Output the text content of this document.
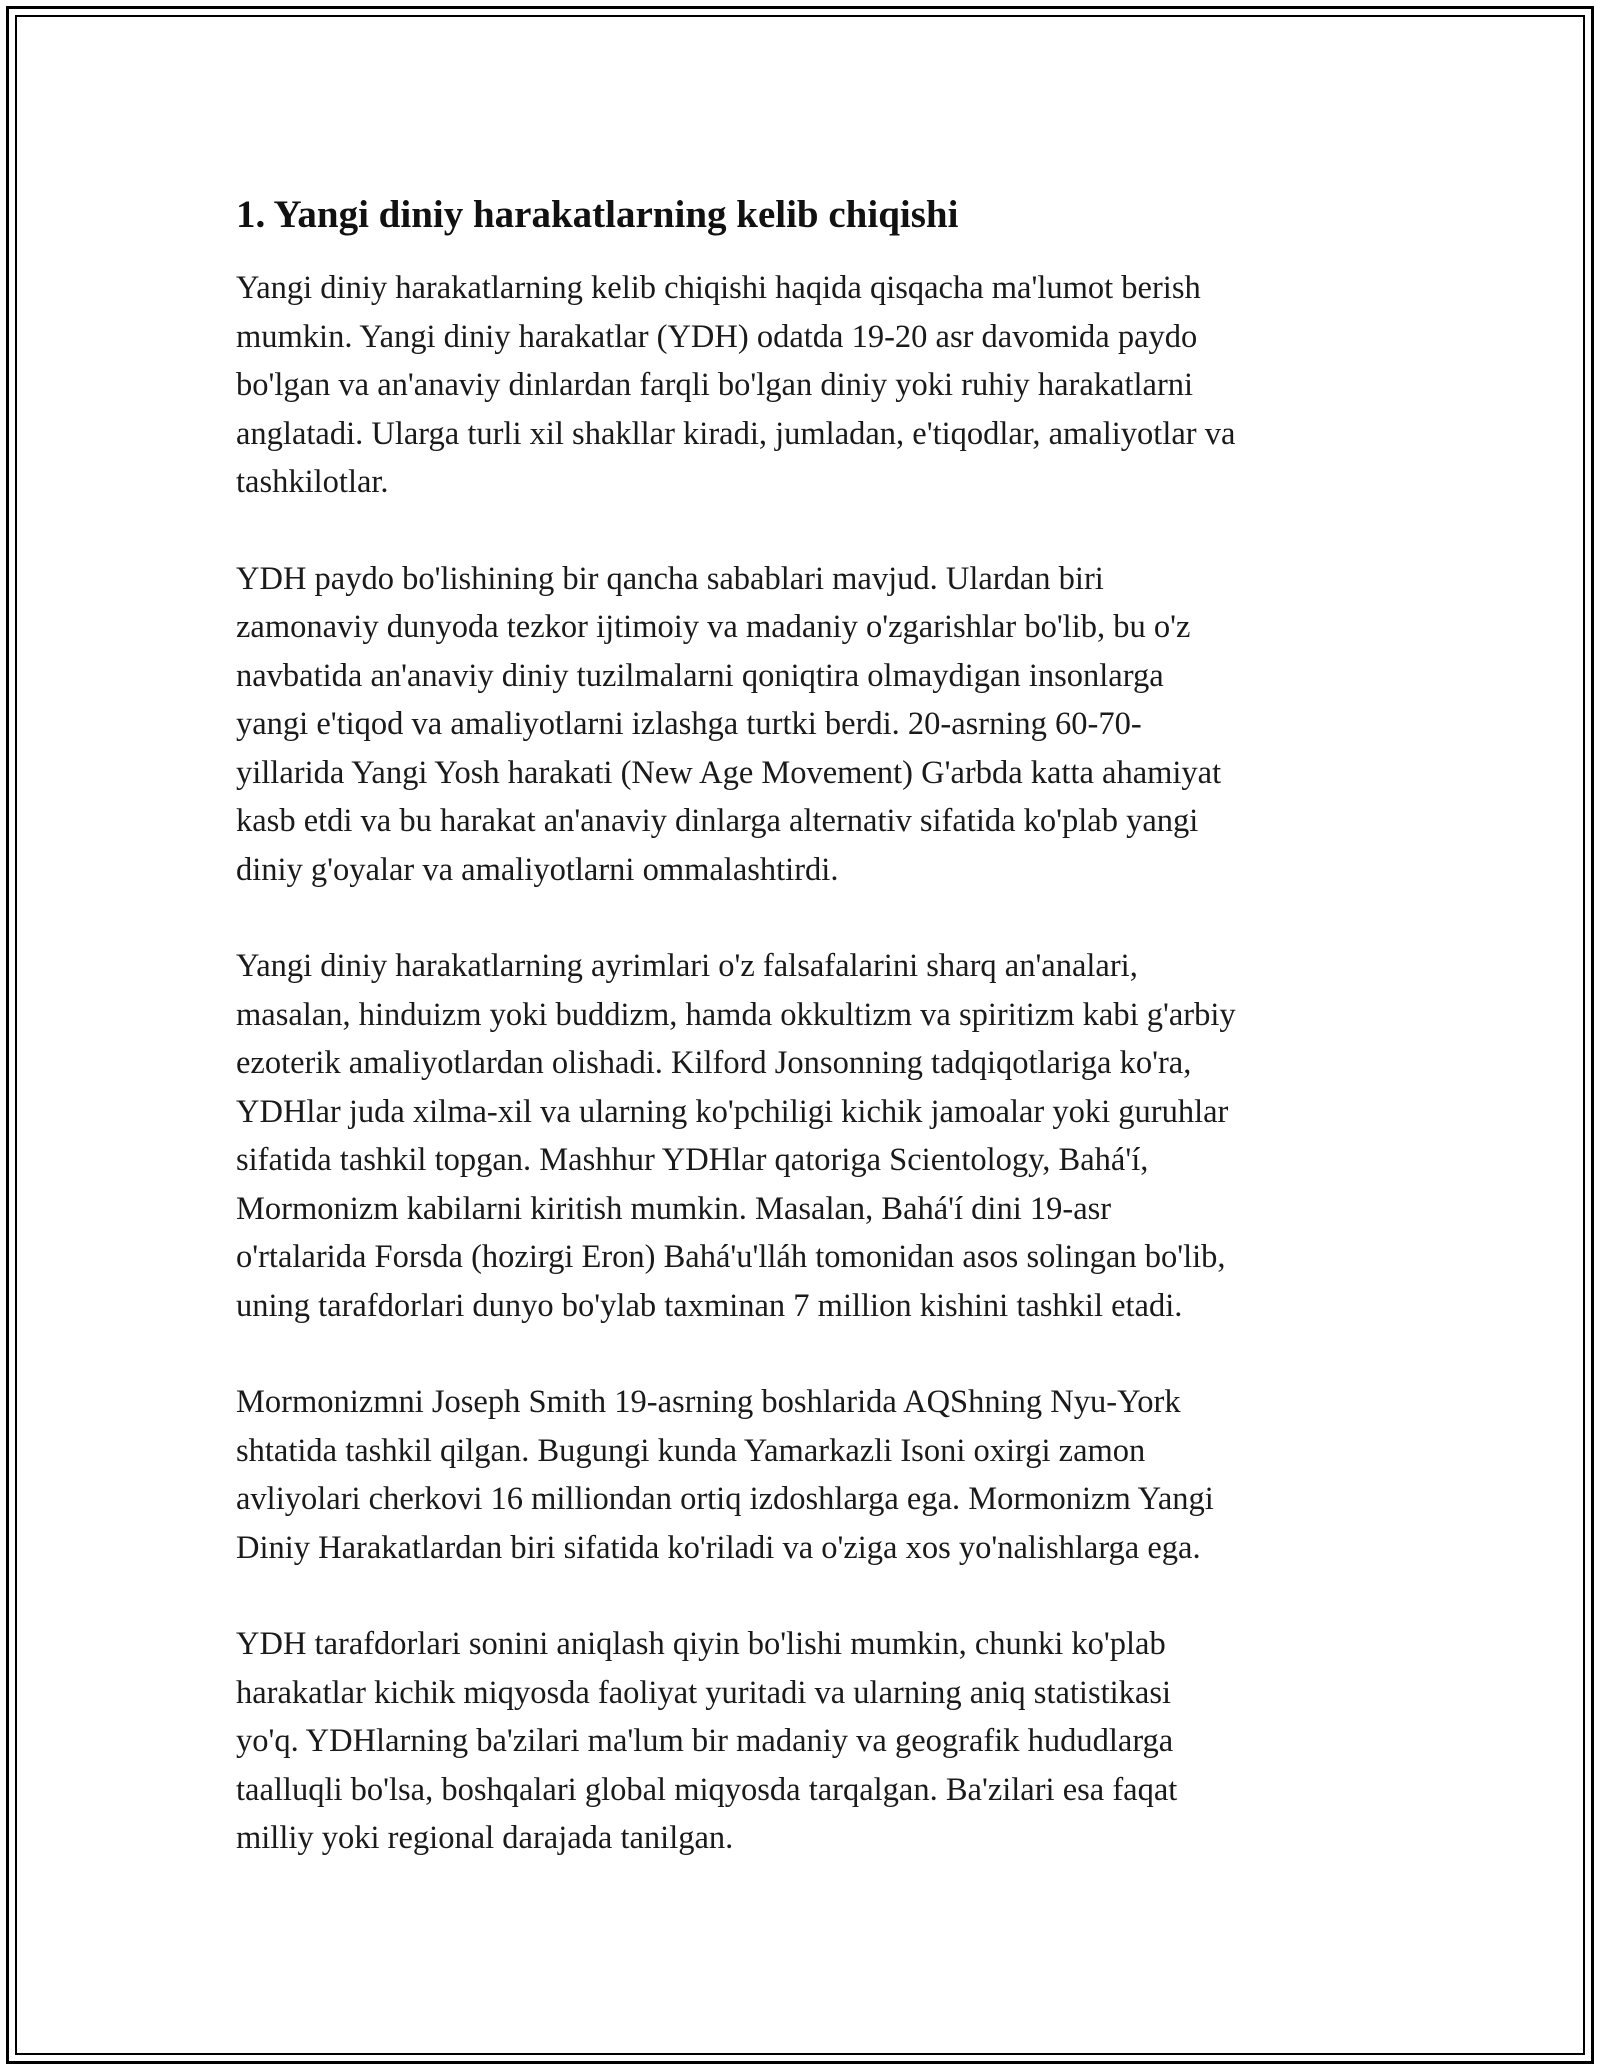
1. Yangi diniy harakatlarning kelib chiqishi

Yangi diniy harakatlarning kelib chiqishi haqida qisqacha ma'lumot berish
mumkin. Yangi diniy harakatlar (YDH) odatda 19-20 asr davomida paydo
bo'lgan va an'anaviy dinlardan farqli bo'lgan diniy yoki ruhiy harakatlarni
anglatadi. Ularga turli xil shakllar kiradi, jumladan, e'tiqodlar, amaliyotlar va
tashkilotlar.

YDH paydo bo'lishining bir qancha sabablari mavjud. Ulardan biri
zamonaviy dunyoda tezkor ijtimoiy va madaniy o'zgarishlar bo'lib, bu o'z
navbatida an'anaviy diniy tuzilmalarni qoniqtira olmaydigan insonlarga
yangi e'tiqod va amaliyotlarni izlashga turtki berdi. 20-asrning 60-70-
yillarida Yangi Yosh harakati (New Age Movement) G'arbda katta ahamiyat
kasb etdi va bu harakat an'anaviy dinlarga alternativ sifatida ko'plab yangi
diniy g'oyalar va amaliyotlarni ommalashtirdi.

Yangi diniy harakatlarning ayrimlari o'z falsafalarini sharq an'analari,
masalan, hinduizm yoki buddizm, hamda okkultizm va spiritizm kabi g'arbiy
ezoterik amaliyotlardan olishadi. Kilford Jonsonning tadqiqotlariga ko'ra,
YDHlar juda xilma-xil va ularning ko'pchiligi kichik jamoalar yoki guruhlar
sifatida tashkil topgan. Mashhur YDHlar qatoriga Scientology, Bahá'í,
Mormonizm kabilarni kiritish mumkin. Masalan, Bahá'í dini 19-asr
o'rtalarida Forsda (hozirgi Eron) Bahá'u'lláh tomonidan asos solingan bo'lib,
uning tarafdorlari dunyo bo'ylab taxminan 7 million kishini tashkil etadi.

Mormonizmni Joseph Smith 19-asrning boshlarida AQShning Nyu-York
shtatida tashkil qilgan. Bugungi kunda Yamarkazli Isoni oxirgi zamon
avliyolari cherkovi 16 milliondan ortiq izdoshlarga ega. Mormonizm Yangi
Diniy Harakatlardan biri sifatida ko'riladi va o'ziga xos yo'nalishlarga ega.

YDH tarafdorlari sonini aniqlash qiyin bo'lishi mumkin, chunki ko'plab
harakatlar kichik miqyosda faoliyat yuritadi va ularning aniq statistikasi
yo'q. YDHlarning ba'zilari ma'lum bir madaniy va geografik hududlarga
taalluqli bo'lsa, boshqalari global miqyosda tarqalgan. Ba'zilari esa faqat
milliy yoki regional darajada tanilgan.
